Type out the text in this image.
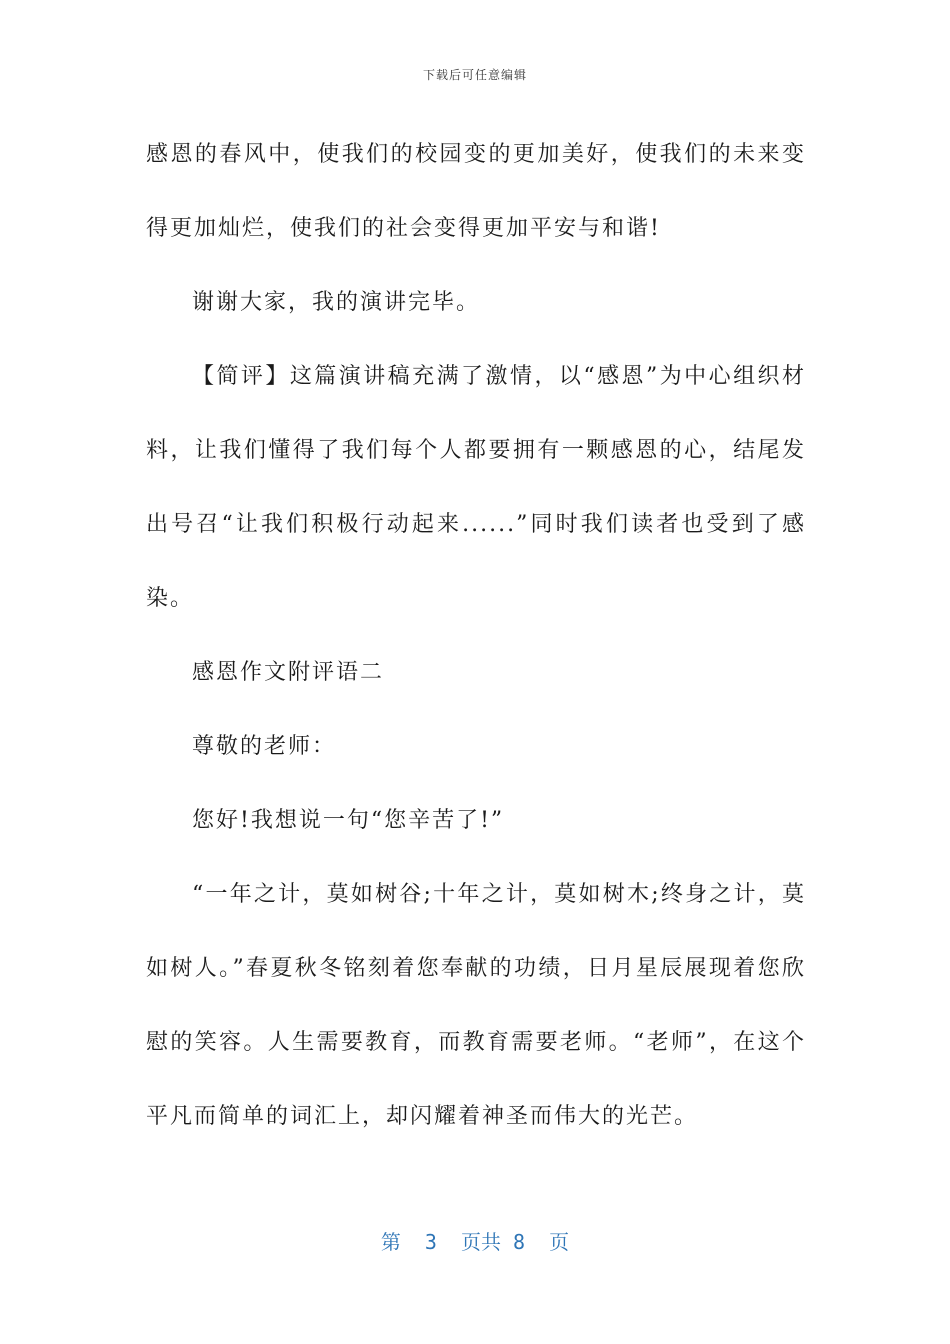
下载后可任意编辑

感恩的春风中，使我们的校园变的更加美好，使我们的未来变得更加灿烂，使我们的社会变得更加平安与和谐!

谢谢大家，我的演讲完毕。

【简评】这篇演讲稿充满了激情，以“感恩”为中心组织材料，让我们懂得了我们每个人都要拥有一颗感恩的心，结尾发出号召“让我们积极行动起来......”同时我们读者也受到了感染。

感恩作文附评语二

尊敬的老师：

您好!我想说一句“您辛苦了!”

“一年之计，莫如树谷;十年之计，莫如树木;终身之计，莫如树人。”春夏秋冬铭刻着您奉献的功绩，日月星辰展现着您欣慰的笑容。人生需要教育，而教育需要老师。“老师”，在这个平凡而简单的词汇上，却闪耀着神圣而伟大的光芒。

第  3  页共 8  页
